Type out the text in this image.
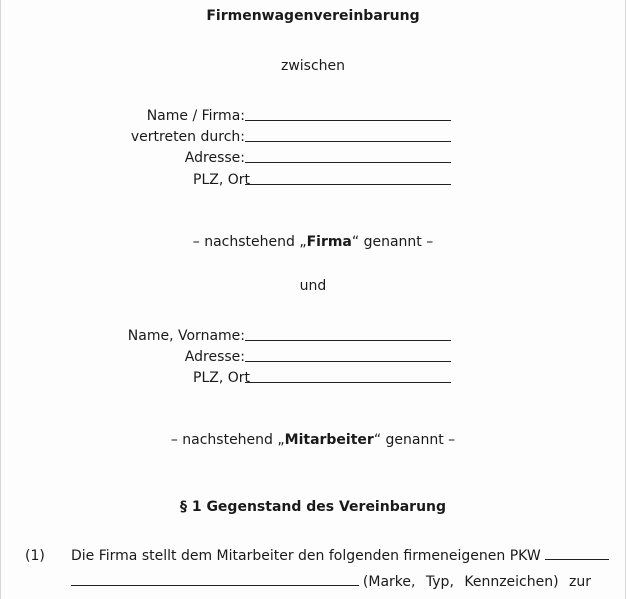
Firmenwagenvereinbarung
zwischen
Name / Firma:
vertreten durch:
Adresse:
PLZ, Ort
– nachstehend „Firma“ genannt –
und
Name, Vorname:
Adresse:
PLZ, Ort
– nachstehend „Mitarbeiter“ genannt –
§ 1 Gegenstand des Vereinbarung
(1) Die Firma stellt dem Mitarbeiter den folgenden firmeneigenen PKW
(Marke, Typ, Kennzeichen) zur
